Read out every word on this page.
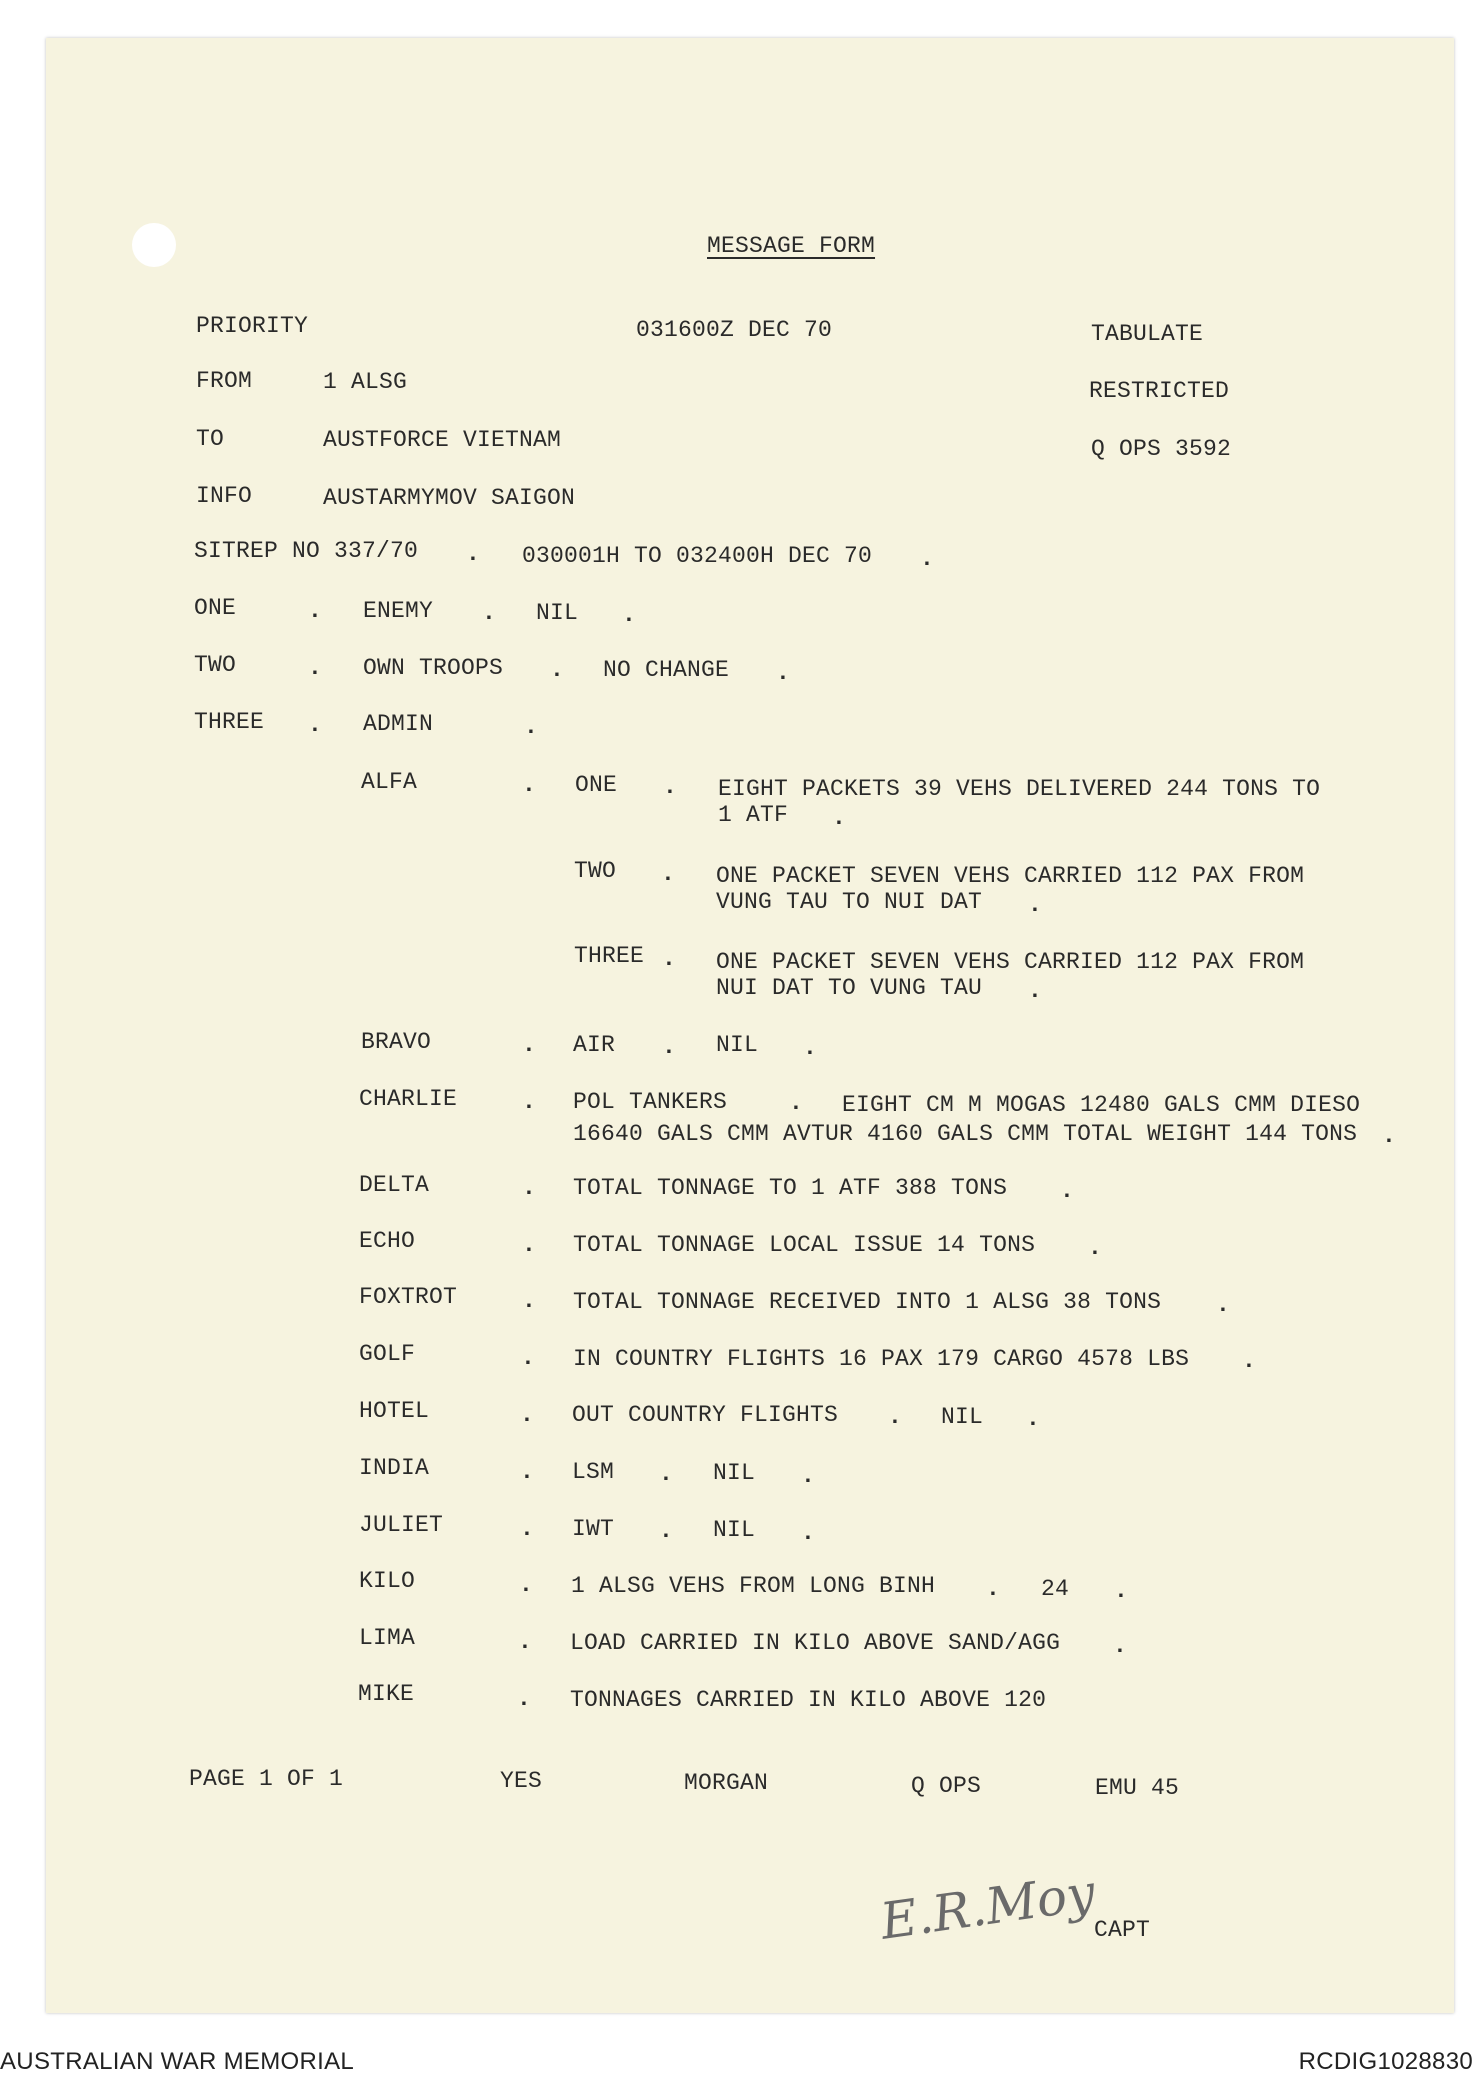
MESSAGE FORM
PRIORITY	031600Z DEC 70	TABULATE
FROM	1 ALSG	RESTRICTED
TO	AUSTFORCE VIETNAM	Q OPS 3592
INFO	AUSTARMYMOV SAIGON
SITREP NO 337/70 . 030001H TO 032400H DEC 70 .
ONE	. ENEMY . NIL .
TWO	. OWN TROOPS . NO CHANGE .
THREE . ADMIN	.
ALFA	. ONE . EIGHT PACKETS 39 VEHS DELIVERED 244 TONS TO
1 ATF .
TWO . ONE PACKET SEVEN VEHS CARRIED 112 PAX FROM
VUNG TAU TO NUI DAT .
THREE . ONE PACKET SEVEN VEHS CARRIED 112 PAX FROM
NUI DAT TO VUNG TAU .
BRAVO	. AIR . NIL .
CHARLIE	. POL TANKERS	. EIGHT CM M MOGAS 12480 GALS CMM DIESO
16640 GALS CMM AVTUR 4160 GALS CMM TOTAL WEIGHT 144 TONS .
DELTA	. TOTAL TONNAGE TO 1 ATF 388 TONS .
ECHO	. TOTAL TONNAGE LOCAL ISSUE 14 TONS .
FOXTROT	. TOTAL TONNAGE RECEIVED INTO 1 ALSG 38 TONS .
GOLF	. IN COUNTRY FLIGHTS 16 PAX 179 CARGO 4578 LBS .
HOTEL	. OUT COUNTRY FLIGHTS . NIL .
INDIA	. LSM . NIL .
JULIET	. IWT . NIL .
KILO	. 1 ALSG VEHS FROM LONG BINH . 24 .
LIMA	. LOAD CARRIED IN KILO ABOVE SAND/AGG .
MIKE	. TONNAGES CARRIED IN KILO ABOVE 120
PAGE 1 OF 1	YES	MORGAN	Q OPS	EMU 45
E.R.Moy
CAPT
AUSTRALIAN WAR MEMORIAL	RCDIG1028830
